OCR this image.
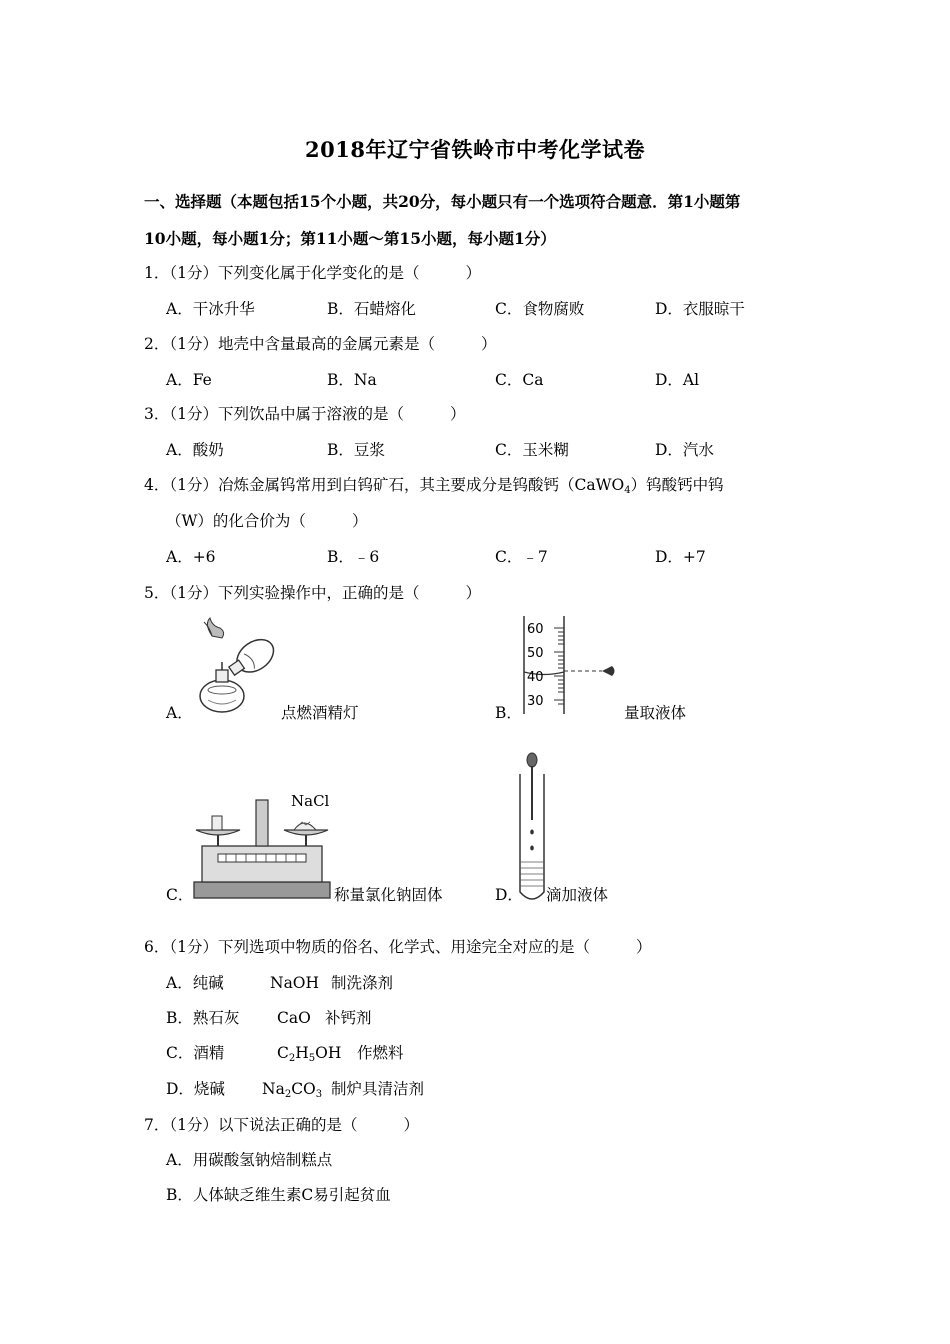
2018年辽宁省铁岭市中考化学试卷
一、选择题（本题包括15个小题，共20分，每小题只有一个选项符合题意．第1小题第
10小题，每小题1分；第11小题～第15小题，每小题1分）
1．（1分）下列变化属于化学变化的是（	）
A．干冰升华	B．石蜡熔化	C．食物腐败	D．衣服晾干
2．（1分）地壳中含量最高的金属元素是（	）
A．Fe	B．Na	C．Ca	D．Al
3．（1分）下列饮品中属于溶液的是（	）
A．酸奶	B．豆浆	C．玉米糊	D．汽水
4．（1分）冶炼金属钨常用到白钨矿石，其主要成分是钨酸钙（CaWO$_4$）钨酸钙中钨
（W）的化合价为（	）
A．+6	B．﹣6	C．﹣7	D．+7
5．（1分）下列实验操作中，正确的是（	）
A．	点燃酒精灯	B．
60
50
40
30
量取液体
C．
NaCl
称量氯化钠固体	D． 滴加液体
6．（1分）下列选项中物质的俗名、化学式、用途完全对应的是（	）
A．纯碱	NaOH 制洗涤剂
B．熟石灰 CaO 补钙剂
C．酒精	$C_2H_5OH$ 作燃料
D．烧碱 $Na_2CO_3$ 制炉具清洁剂
7．（1分）以下说法正确的是（	）
A．用碳酸氢钠焙制糕点
B．人体缺乏维生素C易引起贫血
